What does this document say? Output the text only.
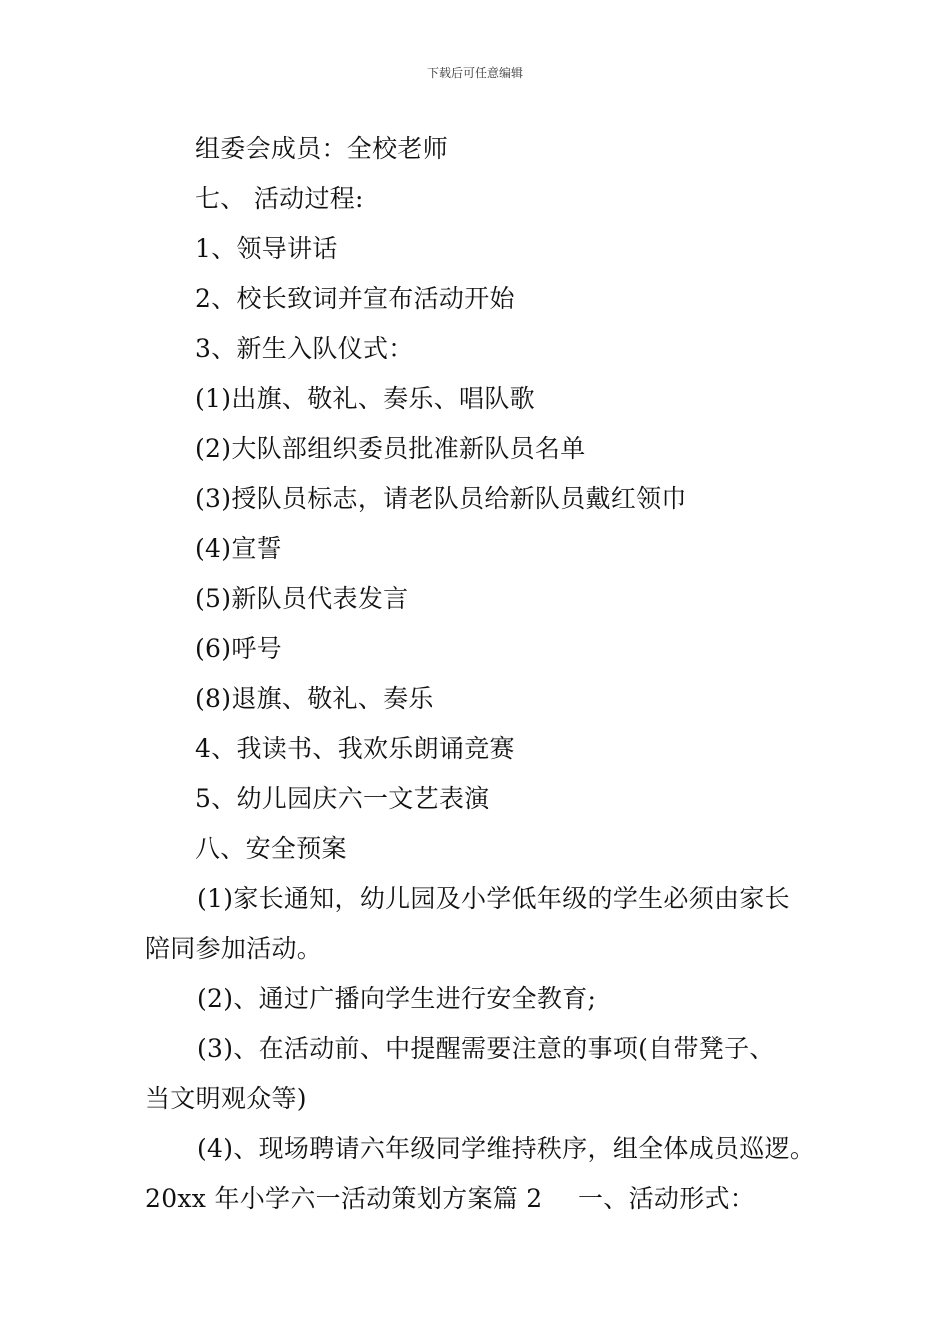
下载后可任意编辑
组委会成员：全校老师
七、 活动过程:
1、领导讲话
2、校长致词并宣布活动开始
3、新生入队仪式：
(1)出旗、敬礼、奏乐、唱队歌
(2)大队部组织委员批准新队员名单
(3)授队员标志，请老队员给新队员戴红领巾
(4)宣誓
(5)新队员代表发言
(6)呼号
(8)退旗、敬礼、奏乐
4、我读书、我欢乐朗诵竞赛
5、幼儿园庆六一文艺表演
八、安全预案
(1)家长通知，幼儿园及小学低年级的学生必须由家长
陪同参加活动。
(2)、通过广播向学生进行安全教育;
(3)、在活动前、中提醒需要注意的事项(自带凳子、
当文明观众等)
(4)、现场聘请六年级同学维持秩序，组全体成员巡逻。
20xx 年小学六一活动策划方案篇 2 一、活动形式：
